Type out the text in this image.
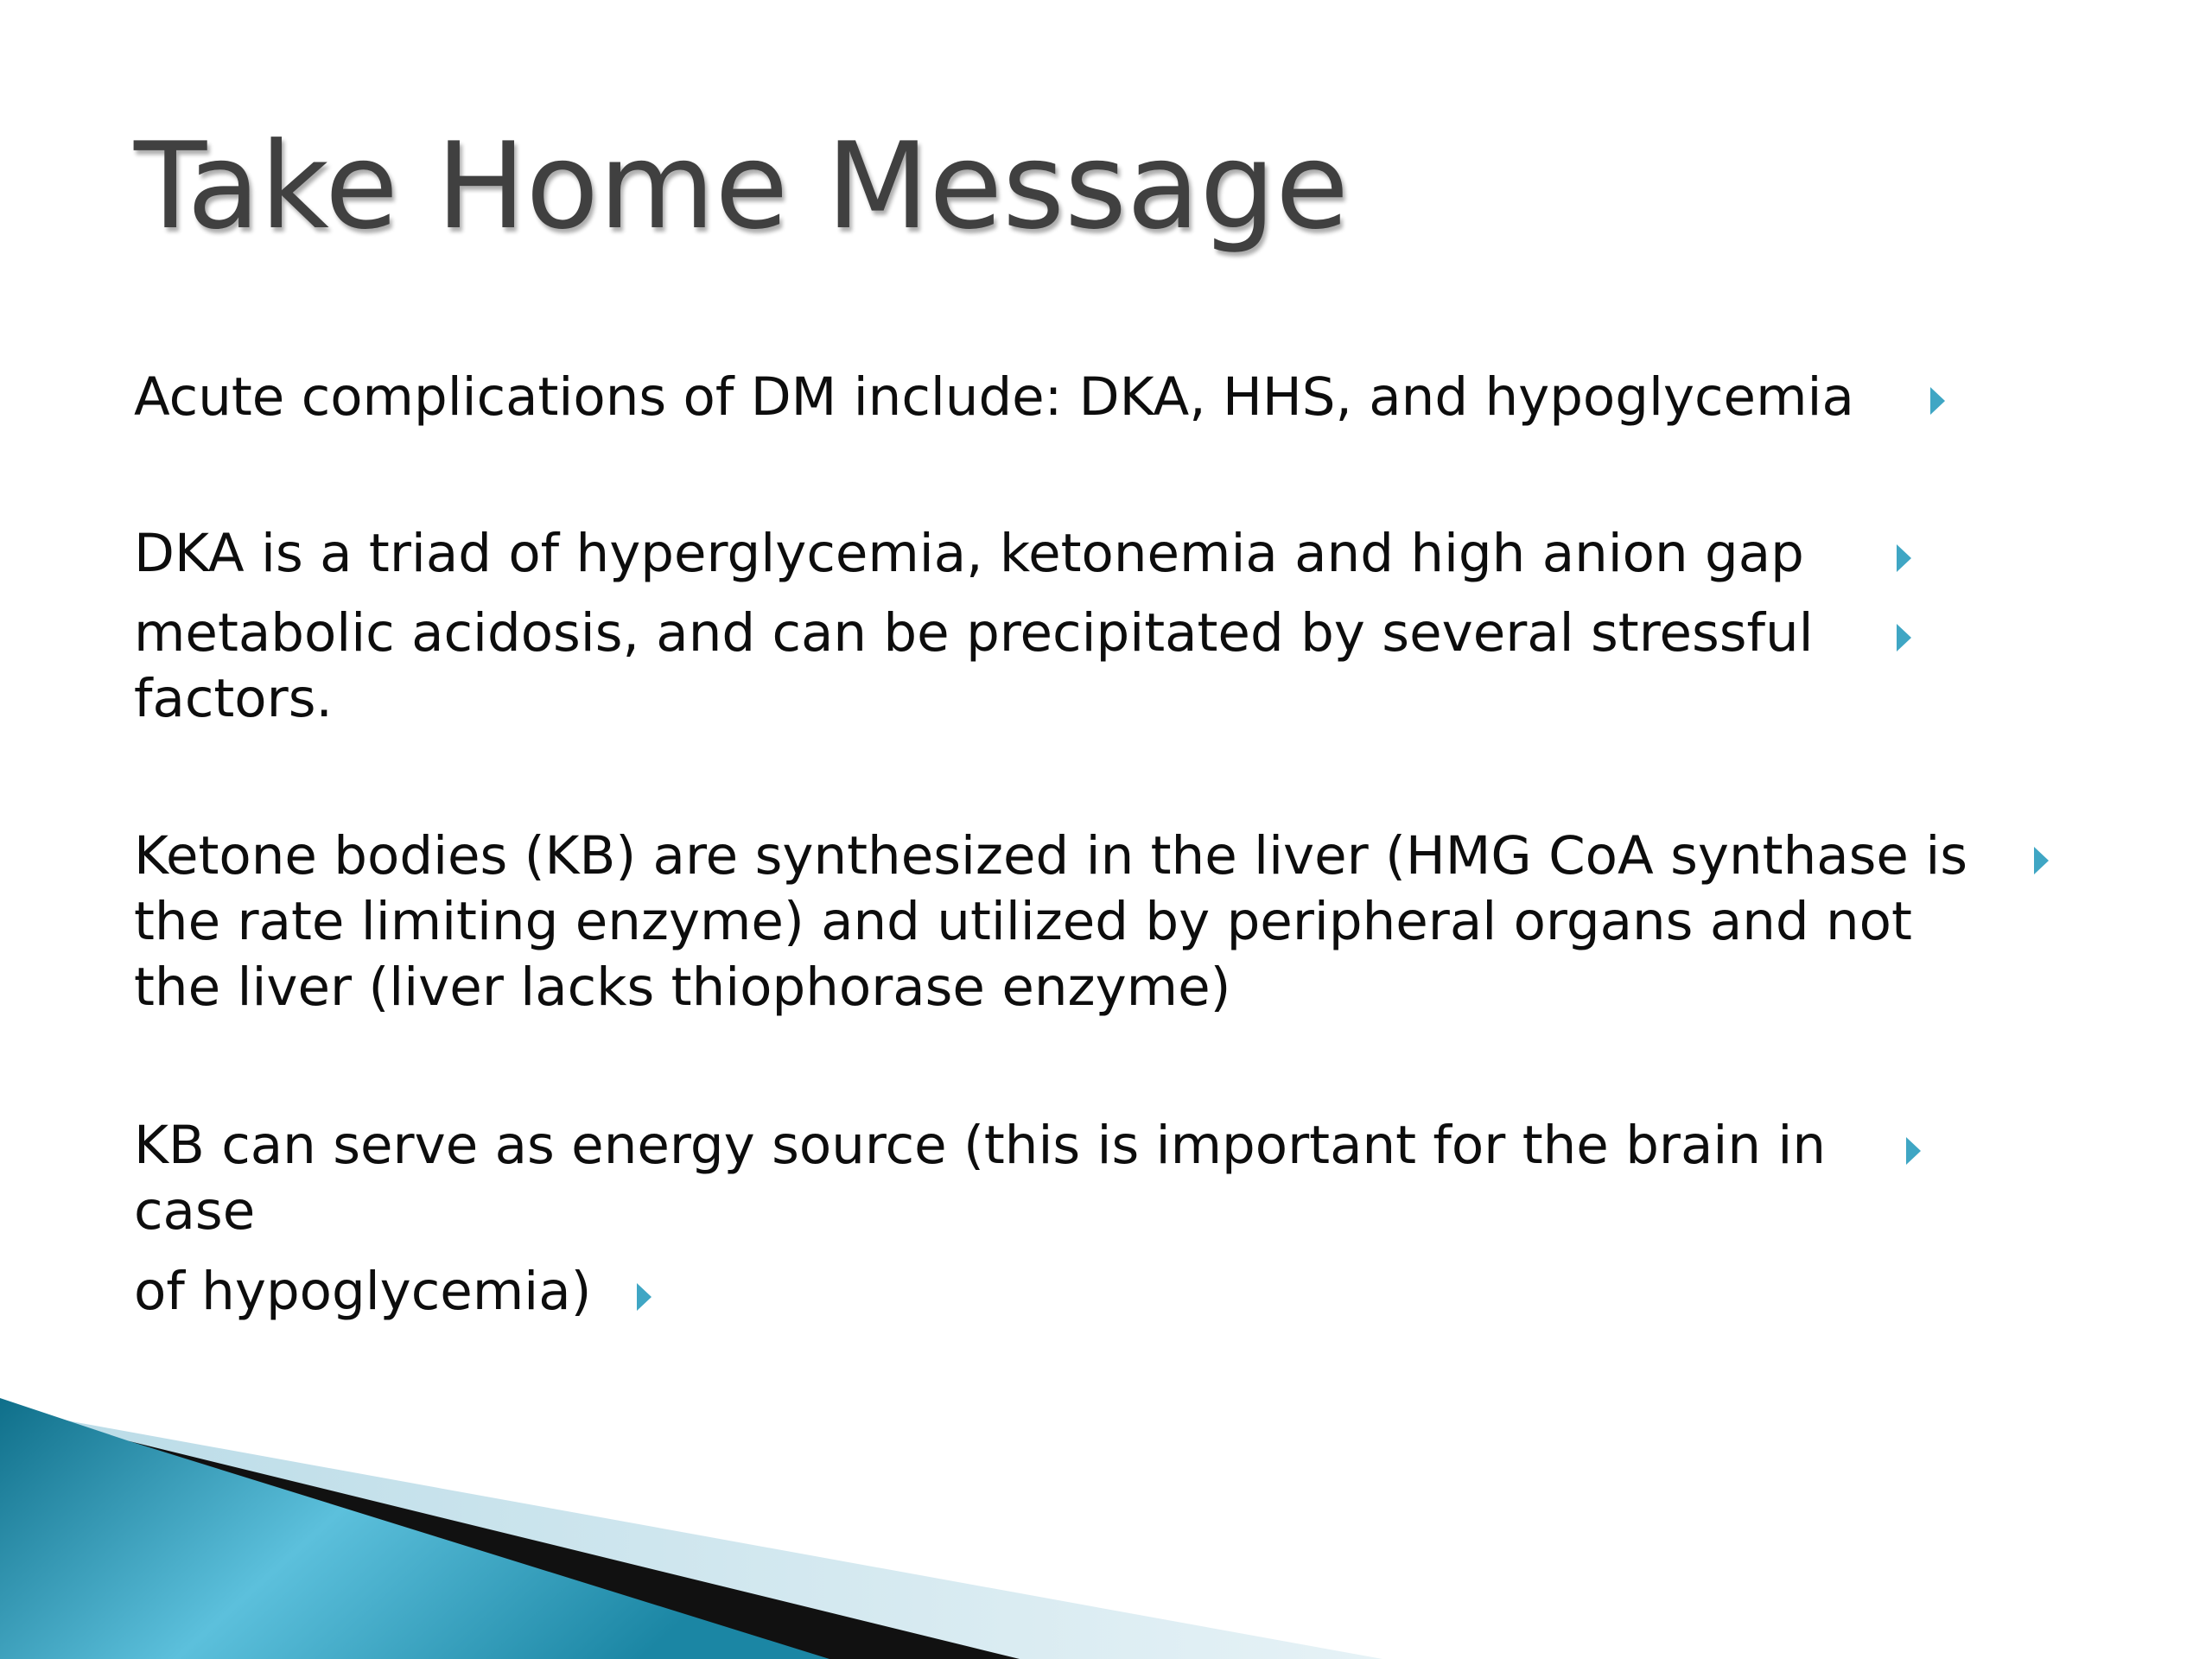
Take Home Message

Acute complications of DM include: DKA, HHS, and hypoglycemia

DKA is a triad of hyperglycemia, ketonemia and high anion gap

metabolic acidosis, and can be precipitated by several stressful

factors.

Ketone bodies (KB) are synthesized in the liver (HMG CoA synthase is

the rate limiting enzyme) and utilized by peripheral organs and not

the liver (liver lacks thiophorase enzyme)

KB can serve as energy source (this is important for the brain in

case

of hypoglycemia)
